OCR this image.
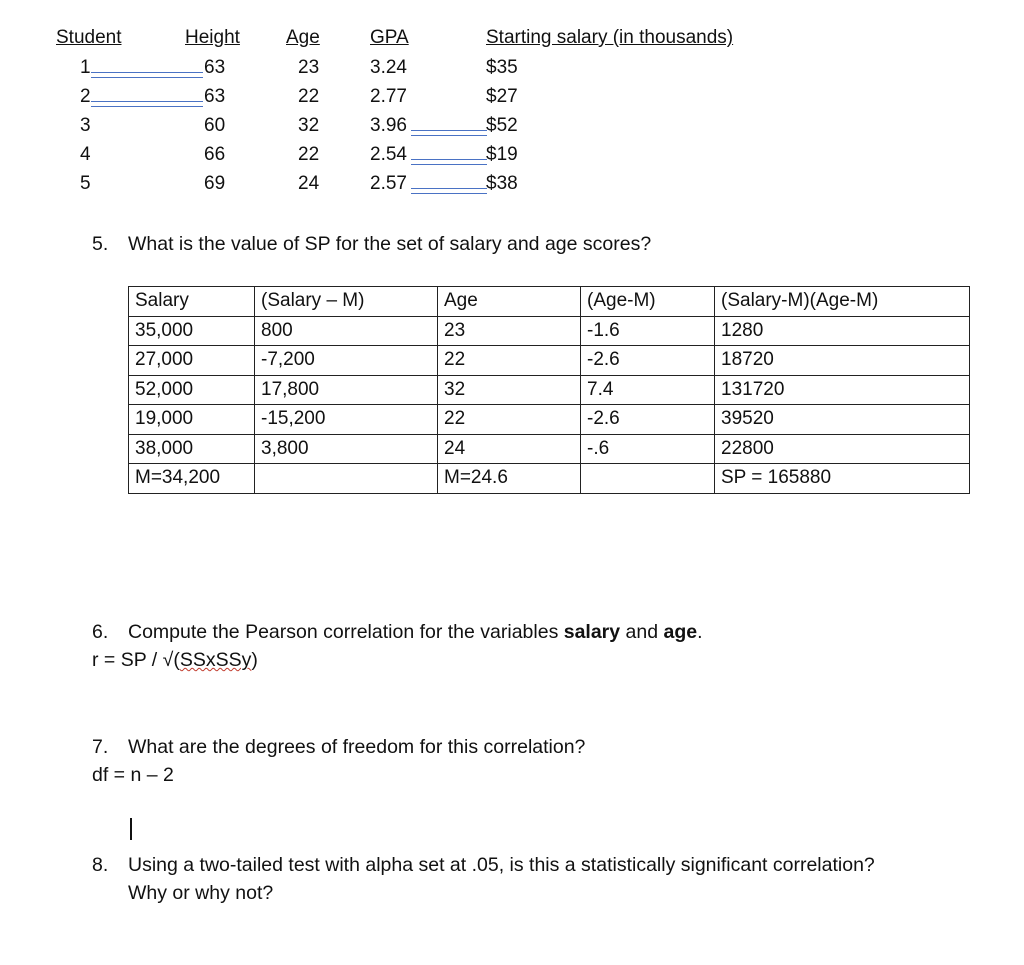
Student	Height Age	GPA	Starting salary (in thousands)
1	63	23	3.24	$35
2	63	22	2.77	$27
3	60	32	3.96	$52
4	66	22	2.54	$19
5	69	24	2.57	$38
5. What is the value of SP for the set of salary and age scores?
Salary	(Salary – M)	Age	(Age-M)	(Salary-M)(Age-M)
35,000	800	23	-1.6	1280
27,000	-7,200	22	-2.6	18720
52,000	17,800	32	7.4	131720
19,000	-15,200	22	-2.6	39520
38,000	3,800	24	-.6	22800
M=34,200		M=24.6		SP = 165880
6. Compute the Pearson correlation for the variables salary and age.
r = SP / √(SSxSSy)
7. What are the degrees of freedom for this correlation?
df = n – 2
8. Using a two-tailed test with alpha set at .05, is this a statistically significant correlation?
Why or why not?
